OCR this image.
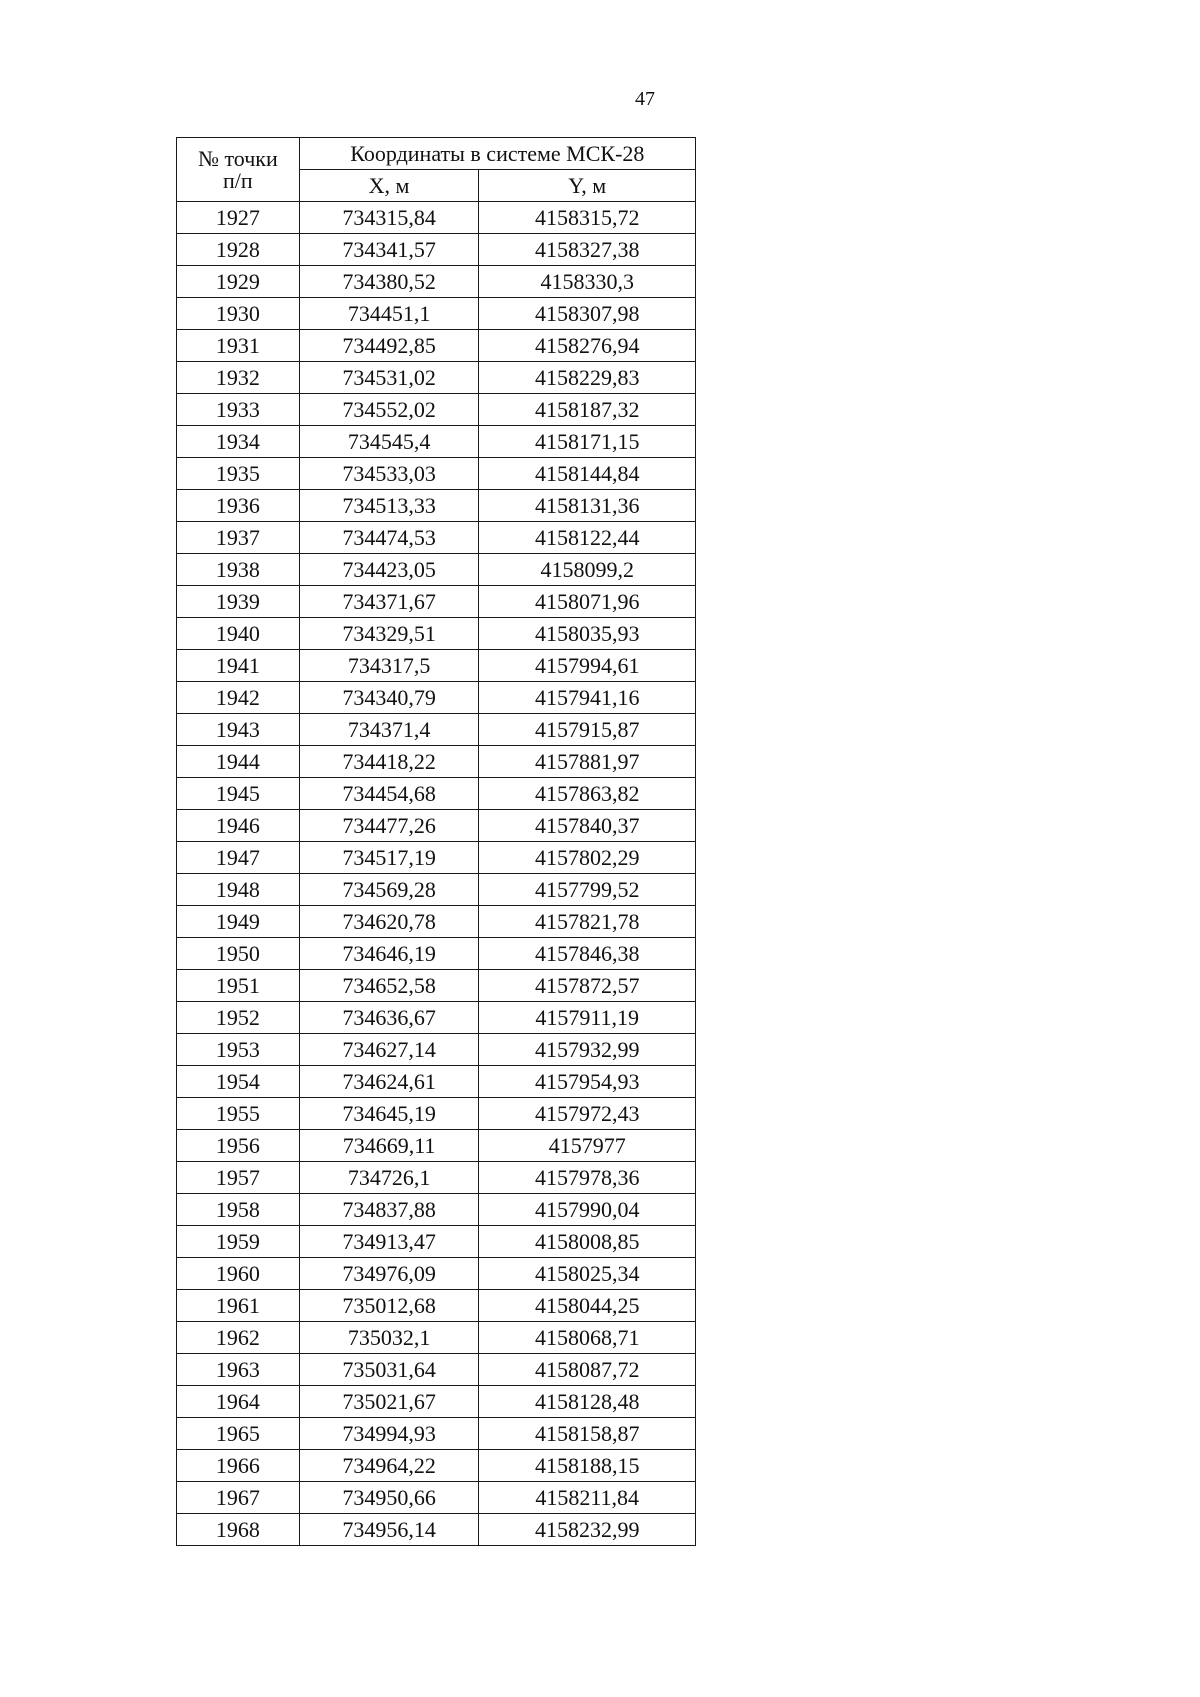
47
№ точки
п/п	Координаты в системе МСК-28	
	X, м	Y, м
1927	734315,84	4158315,72
1928	734341,57	4158327,38
1929	734380,52	4158330,3
1930	734451,1	4158307,98
1931	734492,85	4158276,94
1932	734531,02	4158229,83
1933	734552,02	4158187,32
1934	734545,4	4158171,15
1935	734533,03	4158144,84
1936	734513,33	4158131,36
1937	734474,53	4158122,44
1938	734423,05	4158099,2
1939	734371,67	4158071,96
1940	734329,51	4158035,93
1941	734317,5	4157994,61
1942	734340,79	4157941,16
1943	734371,4	4157915,87
1944	734418,22	4157881,97
1945	734454,68	4157863,82
1946	734477,26	4157840,37
1947	734517,19	4157802,29
1948	734569,28	4157799,52
1949	734620,78	4157821,78
1950	734646,19	4157846,38
1951	734652,58	4157872,57
1952	734636,67	4157911,19
1953	734627,14	4157932,99
1954	734624,61	4157954,93
1955	734645,19	4157972,43
1956	734669,11	4157977
1957	734726,1	4157978,36
1958	734837,88	4157990,04
1959	734913,47	4158008,85
1960	734976,09	4158025,34
1961	735012,68	4158044,25
1962	735032,1	4158068,71
1963	735031,64	4158087,72
1964	735021,67	4158128,48
1965	734994,93	4158158,87
1966	734964,22	4158188,15
1967	734950,66	4158211,84
1968	734956,14	4158232,99
